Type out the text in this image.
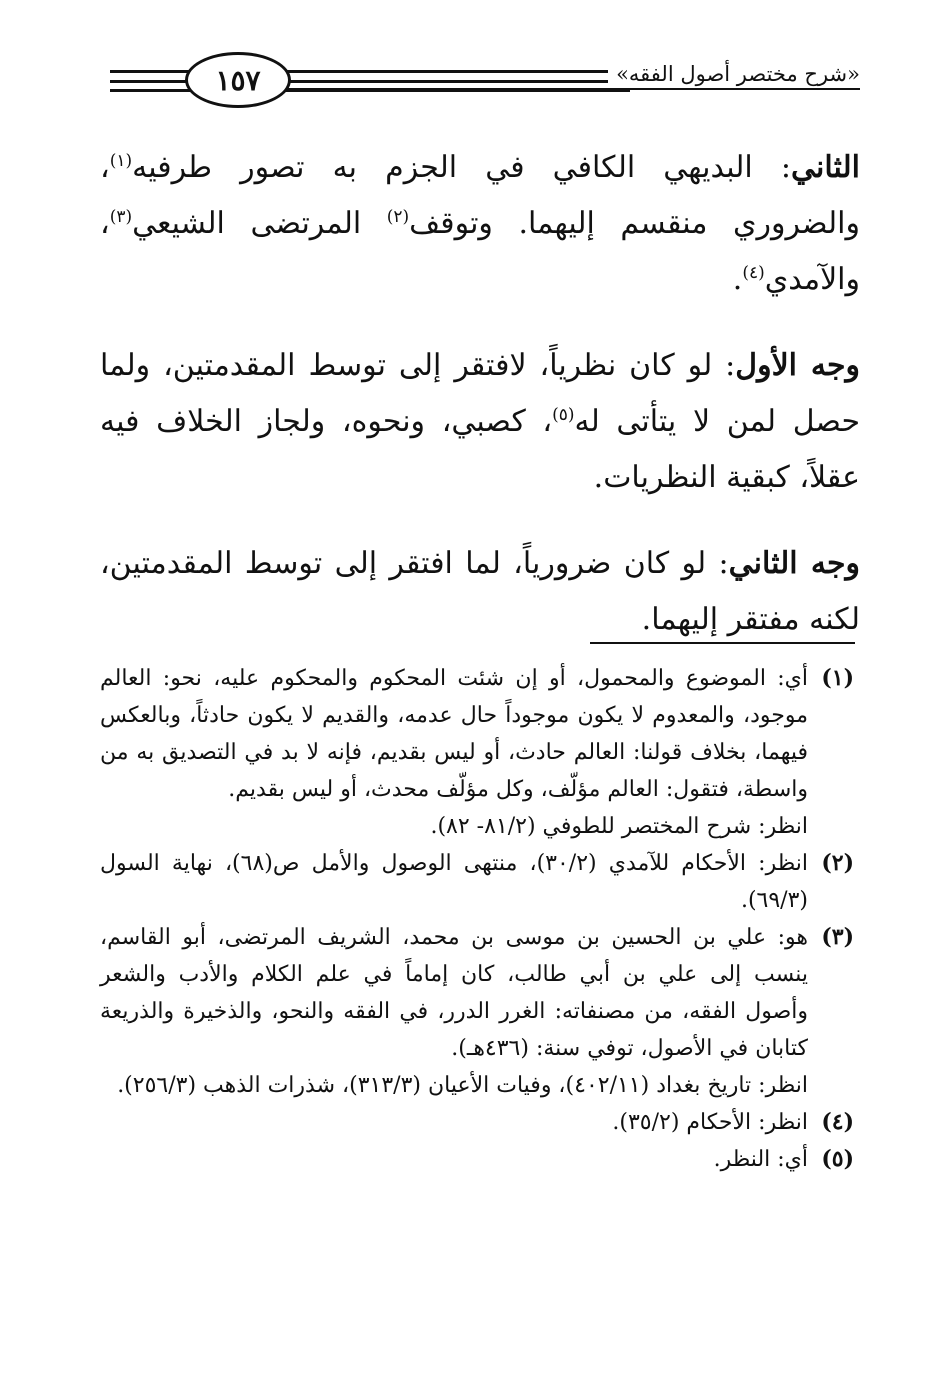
١٥٧	«شرح مختصر أصول الفقه»

الثاني: البديهي الكافي في الجزم به تصور طرفيه$^{(١)}$، والضروري منقسم إليهما. وتوقف$^{(٢)}$ المرتضى الشيعي$^{(٣)}$، والآمدي$^{(٤)}$.

وجه الأول: لو كان نظرياً، لافتقر إلى توسط المقدمتين، ولما حصل لمن لا يتأتى له$^{(٥)}$، كصبي، ونحوه، ولجاز الخلاف فيه عقلاً، كبقية النظريات.

وجه الثاني: لو كان ضرورياً، لما افتقر إلى توسط المقدمتين، لكنه مفتقر إليهما.

(١)
أي: الموضوع والمحمول، أو إن شئت المحكوم والمحكوم عليه، نحو: العالم موجود، والمعدوم لا يكون موجوداً حال عدمه، والقديم لا يكون حادثاً، وبالعكس فيهما، بخلاف قولنا: العالم حادث، أو ليس بقديم، فإنه لا بد في التصديق به من واسطة، فتقول: العالم مؤلّف، وكل مؤلّف محدث، أو ليس بقديم.
انظر: شرح المختصر للطوفي (٨١/٢- ٨٢).
(٢)
انظر: الأحكام للآمدي (٣٠/٢)، منتهى الوصول والأمل ص(٦٨)، نهاية السول (٦٩/٣).
(٣)
هو: علي بن الحسين بن موسى بن محمد، الشريف المرتضى، أبو القاسم، ينسب إلى علي بن أبي طالب، كان إماماً في علم الكلام والأدب والشعر وأصول الفقه، من مصنفاته: الغرر الدرر، في الفقه والنحو، والذخيرة والذريعة كتابان في الأصول، توفي سنة: (٤٣٦هـ).
انظر: تاريخ بغداد (٤٠٢/١١)، وفيات الأعيان (٣١٣/٣)، شذرات الذهب (٢٥٦/٣).
(٤)
انظر: الأحكام (٣٥/٢).
(٥)
أي: النظر.
